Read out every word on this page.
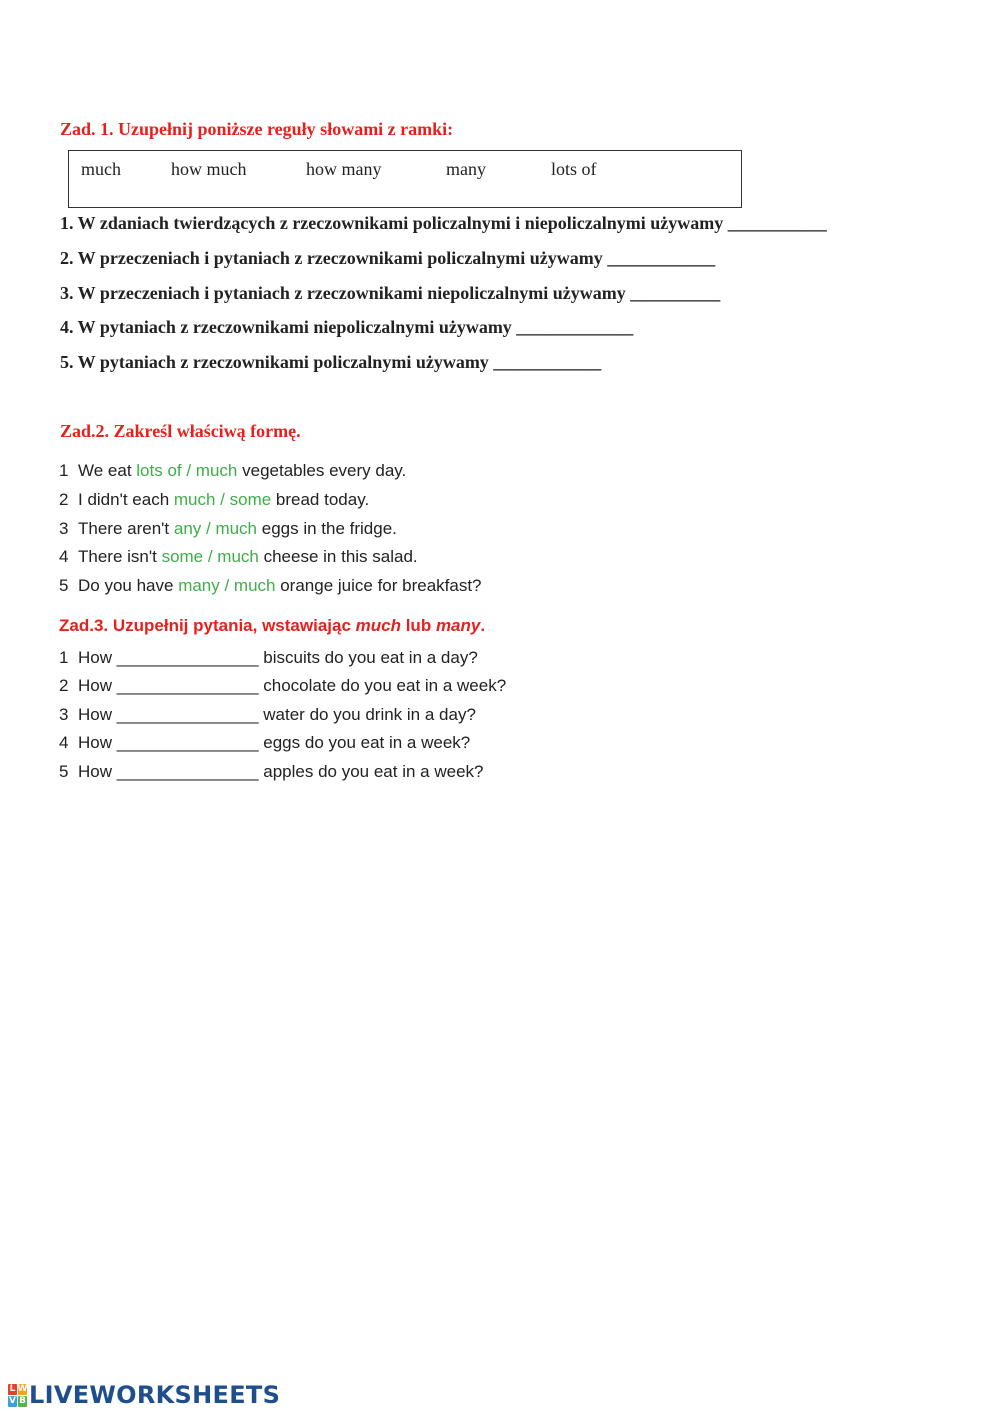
Zad. 1. Uzupełnij poniższe reguły słowami z ramki:
much	how much	how many	many	lots of
1. W zdaniach twierdzących z rzeczownikami policzalnymi i niepoliczalnymi używamy ___________
2. W przeczeniach i pytaniach z rzeczownikami policzalnymi używamy ____________
3. W przeczeniach i pytaniach z rzeczownikami niepoliczalnymi używamy __________
4. W pytaniach z rzeczownikami niepoliczalnymi używamy _____________
5. W pytaniach z rzeczownikami policzalnymi używamy ____________
Zad.2. Zakreśl właściwą formę.
1 We eat lots of / much vegetables every day.
2 I didn't each much / some bread today.
3 There aren't any / much eggs in the fridge.
4 There isn't some / much cheese in this salad.
5 Do you have many / much orange juice for breakfast?
Zad.3. Uzupełnij pytania, wstawiając much lub many.
1 How _______________ biscuits do you eat in a day?
2 How _______________ chocolate do you eat in a week?
3 How _______________ water do you drink in a day?
4 How _______________ eggs do you eat in a week?
5 How _______________ apples do you eat in a week?
L W
V B LIVEWORKSHEETS
